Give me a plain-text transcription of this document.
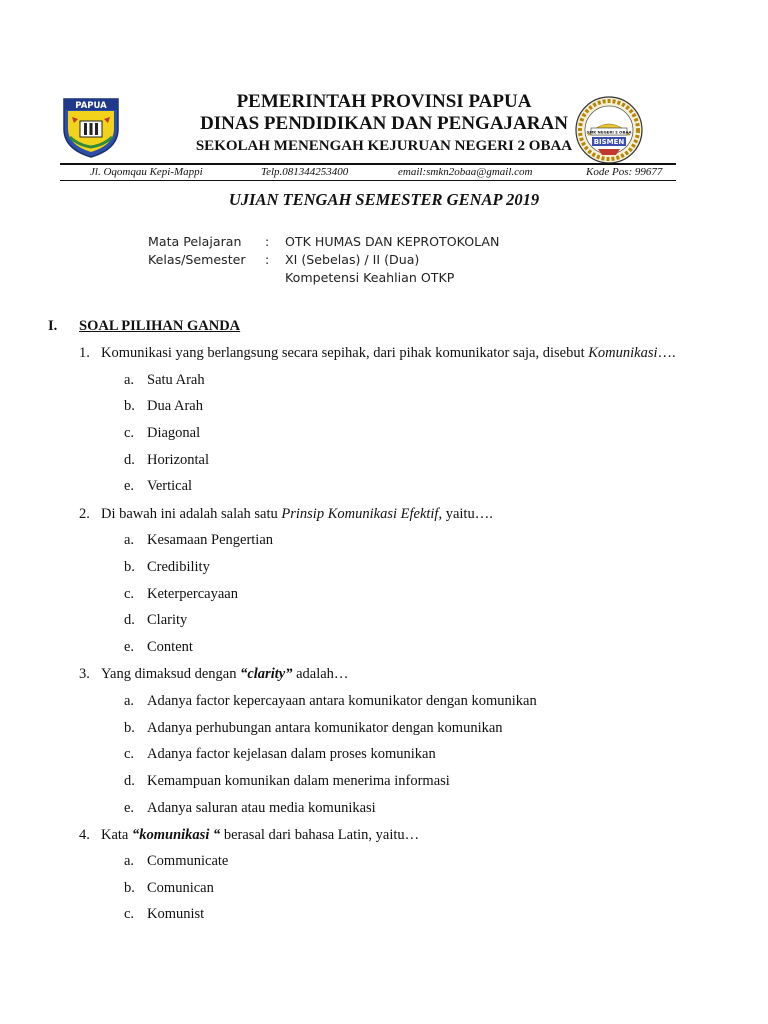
PAPUA	PEMERINTAH PROVINSI PAPUA
DINAS PENDIDIKAN DAN PENGAJARAN
SEKOLAH MENENGAH KEJURUAN NEGERI 2 OBAA
SMK NEGERI 2 OBAA
BISMEN
Jl. Oqomqau Kepi-Mappi	Telp.081344253400	email:smkn2obaa@gmail.com	Kode Pos: 99677
UJIAN TENGAH SEMESTER GENAP 2019
Mata Pelajaran : OTK HUMAS DAN KEPROTOKOLAN
Kelas/Semester : XI (Sebelas) / II (Dua)
Kompetensi Keahlian OTKP
I. SOAL PILIHAN GANDA
1. Komunikasi yang berlangsung secara sepihak, dari pihak komunikator saja, disebut Komunikasi….
a. Satu Arah
b. Dua Arah
c. Diagonal
d. Horizontal
e. Vertical
2. Di bawah ini adalah salah satu Prinsip Komunikasi Efektif, yaitu….
a. Kesamaan Pengertian
b. Credibility
c. Keterpercayaan
d. Clarity
e. Content
3. Yang dimaksud dengan “clarity” adalah…
a. Adanya factor kepercayaan antara komunikator dengan komunikan
b. Adanya perhubungan antara komunikator dengan komunikan
c. Adanya factor kejelasan dalam proses komunikan
d. Kemampuan komunikan dalam menerima informasi
e. Adanya saluran atau media komunikasi
4. Kata “komunikasi “ berasal dari bahasa Latin, yaitu…
a. Communicate
b. Comunican
c. Komunist
